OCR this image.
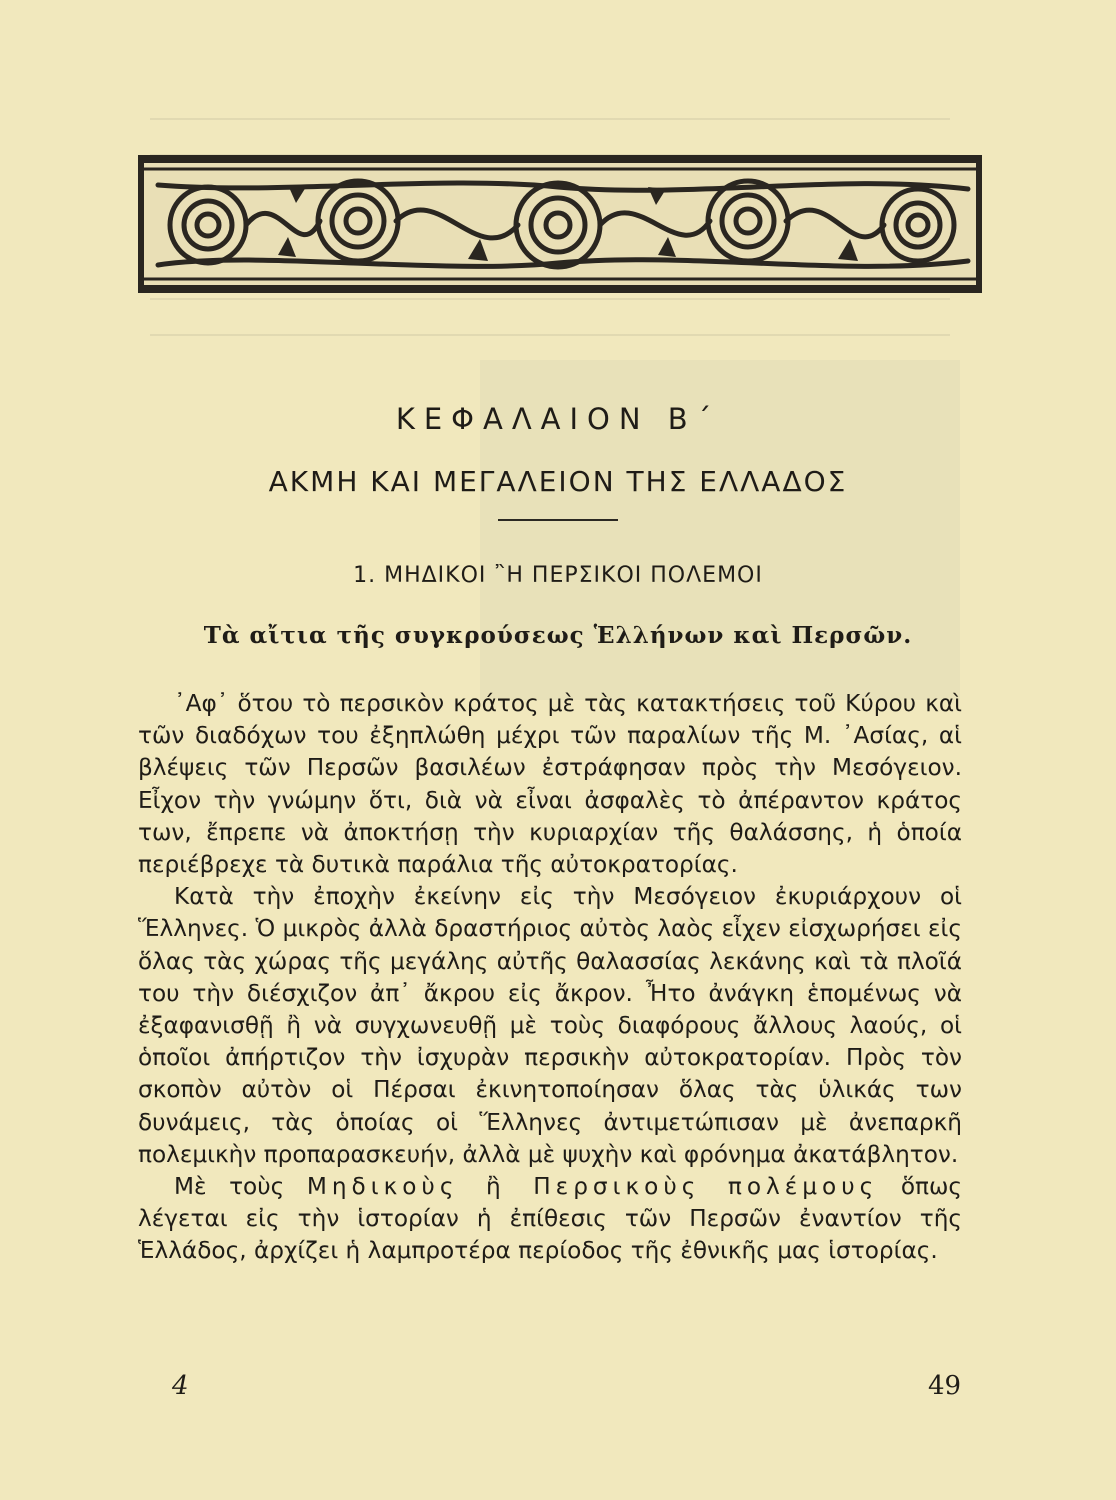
ΚΕΦΑΛΑΙΟΝ Β΄
ΑΚΜΗ ΚΑΙ ΜΕΓΑΛΕΙΟΝ ΤΗΣ ΕΛΛΑΔΟΣ
1. ΜΗΔΙΚΟΙ ῍Η ΠΕΡΣΙΚΟΙ ΠΟΛΕΜΟΙ
Τὰ αἴτια τῆς συγκρούσεως Ἑλλήνων καὶ Περσῶν.

᾿Αφ᾿ ὅτου τὸ περσικὸν κράτος μὲ τὰς κατακτήσεις τοῦ Κύρου καὶ τῶν διαδόχων του ἐξηπλώθη μέχρι τῶν παραλίων τῆς Μ. ᾿Ασίας, αἱ βλέψεις τῶν Περσῶν βασιλέων ἐστράφησαν πρὸς τὴν Μεσόγειον. Εἶχον τὴν γνώμην ὅτι, διὰ νὰ εἶναι ἀσφαλὲς τὸ ἀπέραντον κράτος των, ἔπρεπε νὰ ἀποκτήσῃ τὴν κυριαρχίαν τῆς θαλάσσης, ἡ ὁποία περιέβρεχε τὰ δυτικὰ παράλια τῆς αὐτοκρατορίας.

Κατὰ τὴν ἐποχὴν ἐκείνην εἰς τὴν Μεσόγειον ἐκυριάρχουν οἱ Ἕλληνες. Ὁ μικρὸς ἀλλὰ δραστήριος αὐτὸς λαὸς εἶχεν εἰσχωρήσει εἰς ὅλας τὰς χώρας τῆς μεγάλης αὐτῆς θαλασσίας λεκάνης καὶ τὰ πλοῖά του τὴν διέσχιζον ἀπ᾿ ἄκρου εἰς ἄκρον. Ἦτο ἀνάγκη ἑπομένως νὰ ἐξαφανισθῇ ἢ νὰ συγχωνευθῇ μὲ τοὺς διαφόρους ἄλλους λαούς, οἱ ὁποῖοι ἀπήρτιζον τὴν ἰσχυρὰν περσικὴν αὐτοκρατορίαν. Πρὸς τὸν σκοπὸν αὐτὸν οἱ Πέρσαι ἐκινητοποίησαν ὅλας τὰς ὑλικάς των δυνάμεις, τὰς ὁποίας οἱ Ἕλληνες ἀντιμετώπισαν μὲ ἀνεπαρκῆ πολεμικὴν προπαρασκευήν, ἀλλὰ μὲ ψυχὴν καὶ φρόνημα ἀκατάβλητον.

Μὲ τοὺς Μηδικοὺς ἢ Περσικοὺς πολέμους ὅπως λέγεται εἰς τὴν ἱστορίαν ἡ ἐπίθεσις τῶν Περσῶν ἐναντίον τῆς Ἑλλάδος, ἀρχίζει ἡ λαμπροτέρα περίοδος τῆς ἐθνικῆς μας ἱστορίας.

4	49
